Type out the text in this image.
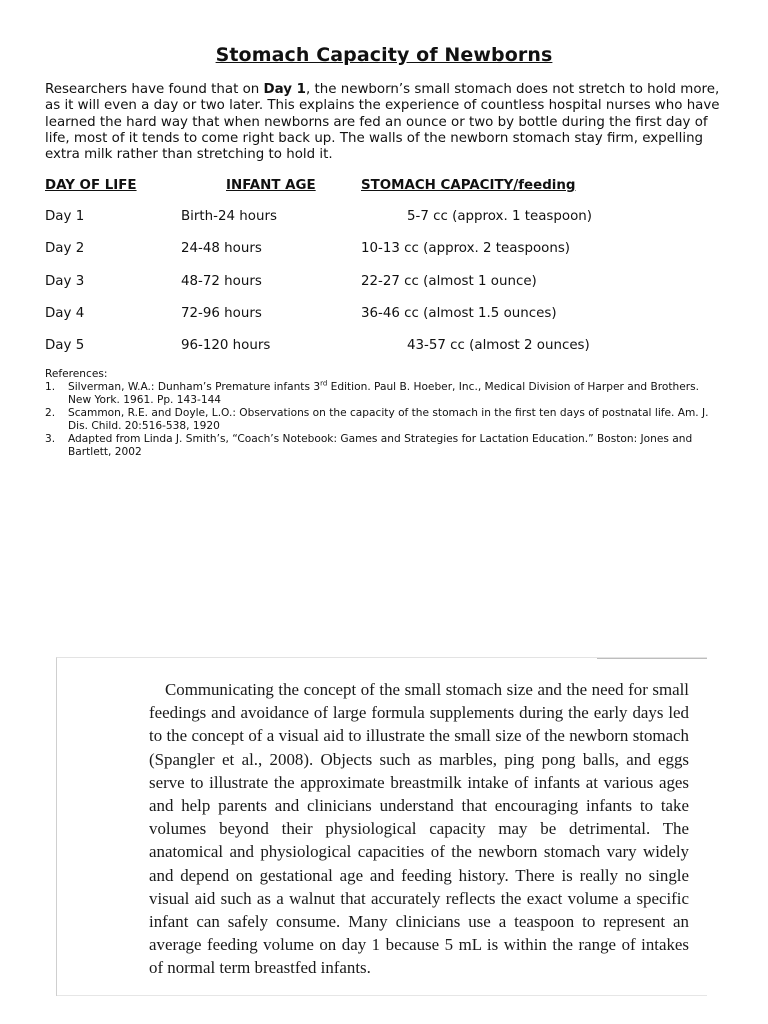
Stomach Capacity of Newborns
Researchers have found that on Day 1, the newborn’s small stomach does not stretch to hold more, as it will even a day or two later. This explains the experience of countless hospital nurses who have learned the hard way that when newborns are fed an ounce or two by bottle during the first day of life, most of it tends to come right back up. The walls of the newborn stomach stay firm, expelling extra milk rather than stretching to hold it.
DAY OF LIFE	INFANT AGE	STOMACH CAPACITY/feeding
Day 1	Birth-24 hours	5-7 cc (approx. 1 teaspoon)
Day 2	24-48 hours	10-13 cc (approx. 2 teaspoons)
Day 3	48-72 hours	22-27 cc (almost 1 ounce)
Day 4	72-96 hours	36-46 cc (almost 1.5 ounces)
Day 5	96-120 hours	43-57 cc (almost 2 ounces)
References:
1. Silverman, W.A.: Dunham’s Premature infants 3rd Edition. Paul B. Hoeber, Inc., Medical Division of Harper and Brothers. New York. 1961. Pp. 143-144
2. Scammon, R.E. and Doyle, L.O.: Observations on the capacity of the stomach in the first ten days of postnatal life. Am. J. Dis. Child. 20:516-538, 1920
3. Adapted from Linda J. Smith’s, “Coach’s Notebook: Games and Strategies for Lactation Education.” Boston: Jones and Bartlett, 2002
Communicating the concept of the small stomach size and the need for small feedings and avoidance of large formula supplements during the early days led to the concept of a visual aid to illustrate the small size of the newborn stomach (Spangler et al., 2008). Objects such as marbles, ping pong balls, and eggs serve to illustrate the approximate breastmilk intake of infants at various ages and help parents and clinicians understand that encouraging infants to take volumes beyond their physiological capacity may be detrimental. The anatomical and physiological capacities of the newborn stomach vary widely and depend on gestational age and feeding history. There is really no single visual aid such as a walnut that accurately reflects the exact volume a specific infant can safely consume. Many clinicians use a teaspoon to represent an average feeding volume on day 1 because 5 mL is within the range of intakes of normal term breastfed infants.
